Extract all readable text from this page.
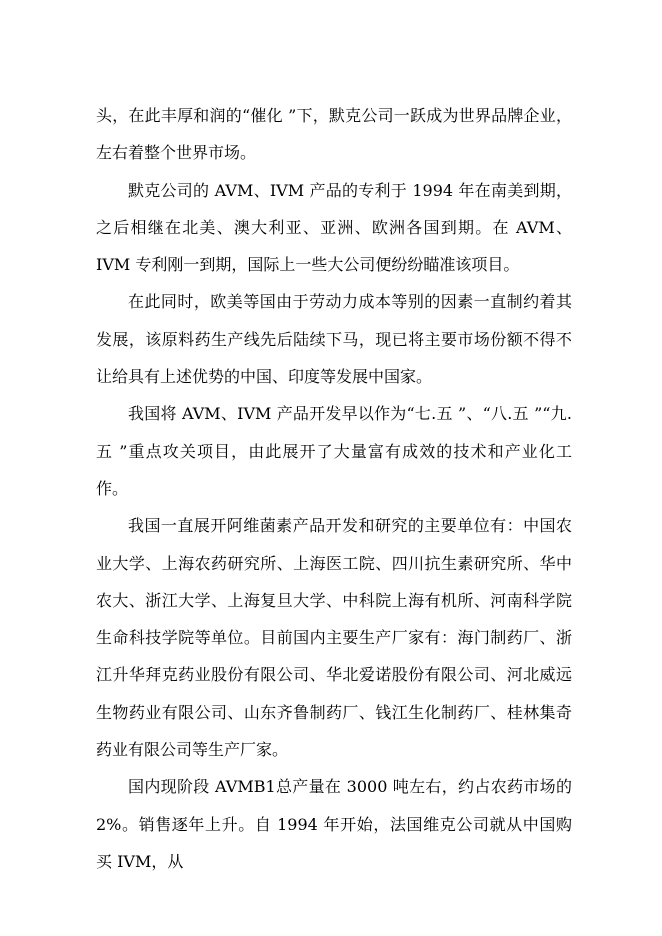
头，在此丰厚和润的“催化 ”下，默克公司一跃成为世界品牌企业，左右着整个世界市场。

默克公司的 AVM、IVM 产品的专利于 1994 年在南美到期，之后相继在北美、澳大利亚、亚洲、欧洲各国到期。在 AVM、IVM 专利刚一到期，国际上一些大公司便纷纷瞄准该项目。

在此同时，欧美等国由于劳动力成本等别的因素一直制约着其发展，该原料药生产线先后陆续下马，现已将主要市场份额不得不让给具有上述优势的中国、印度等发展中国家。

我国将 AVM、IVM 产品开发早以作为“七.五 ”、“八.五 ”“九.五 ”重点攻关项目，由此展开了大量富有成效的技术和产业化工作。

我国一直展开阿维菌素产品开发和研究的主要单位有：中国农业大学、上海农药研究所、上海医工院、四川抗生素研究所、华中农大、浙江大学、上海复旦大学、中科院上海有机所、河南科学院生命科技学院等单位。目前国内主要生产厂家有：海门制药厂、浙江升华拜克药业股份有限公司、华北爱诺股份有限公司、河北威远生物药业有限公司、山东齐鲁制药厂、钱江生化制药厂、桂林集奇药业有限公司等生产厂家。

国内现阶段 AVMB1总产量在 3000 吨左右，约占农药市场的 2%。销售逐年上升。自 1994 年开始，法国维克公司就从中国购买 IVM，从
